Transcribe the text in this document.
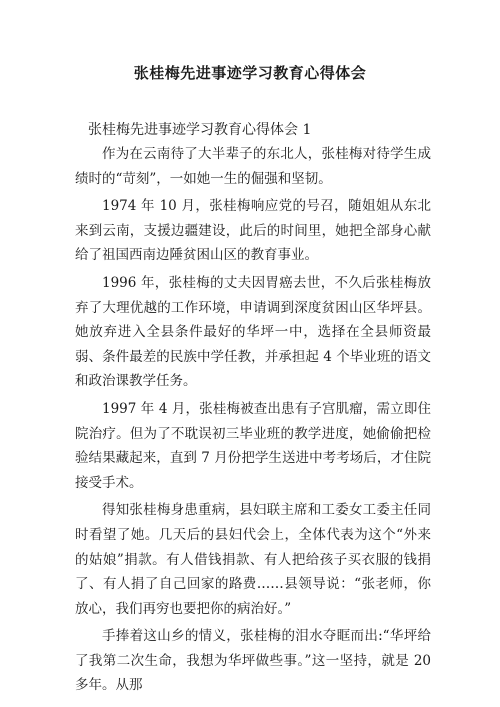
张桂梅先进事迹学习教育心得体会

张桂梅先进事迹学习教育心得体会 1

作为在云南待了大半辈子的东北人，张桂梅对待学生成绩时的“苛刻”，一如她一生的倔强和坚韧。

1974 年 10 月，张桂梅响应党的号召，随姐姐从东北来到云南，支援边疆建设，此后的时间里，她把全部身心献给了祖国西南边陲贫困山区的教育事业。

1996 年，张桂梅的丈夫因胃癌去世，不久后张桂梅放弃了大理优越的工作环境，申请调到深度贫困山区华坪县。她放弃进入全县条件最好的华坪一中，选择在全县师资最弱、条件最差的民族中学任教，并承担起 4 个毕业班的语文和政治课教学任务。

1997 年 4 月，张桂梅被查出患有子宫肌瘤，需立即住院治疗。但为了不耽误初三毕业班的教学进度，她偷偷把检验结果藏起来，直到 7 月份把学生送进中考考场后，才住院接受手术。

得知张桂梅身患重病，县妇联主席和工委女工委主任同时看望了她。几天后的县妇代会上，全体代表为这个“外来的姑娘”捐款。有人借钱捐款、有人把给孩子买衣服的钱捐了、有人捐了自己回家的路费……县领导说：“张老师，你放心，我们再穷也要把你的病治好。”

手捧着这山乡的情义，张桂梅的泪水夺眶而出:“华坪给了我第二次生命，我想为华坪做些事。”这一坚持，就是 20 多年。从那
